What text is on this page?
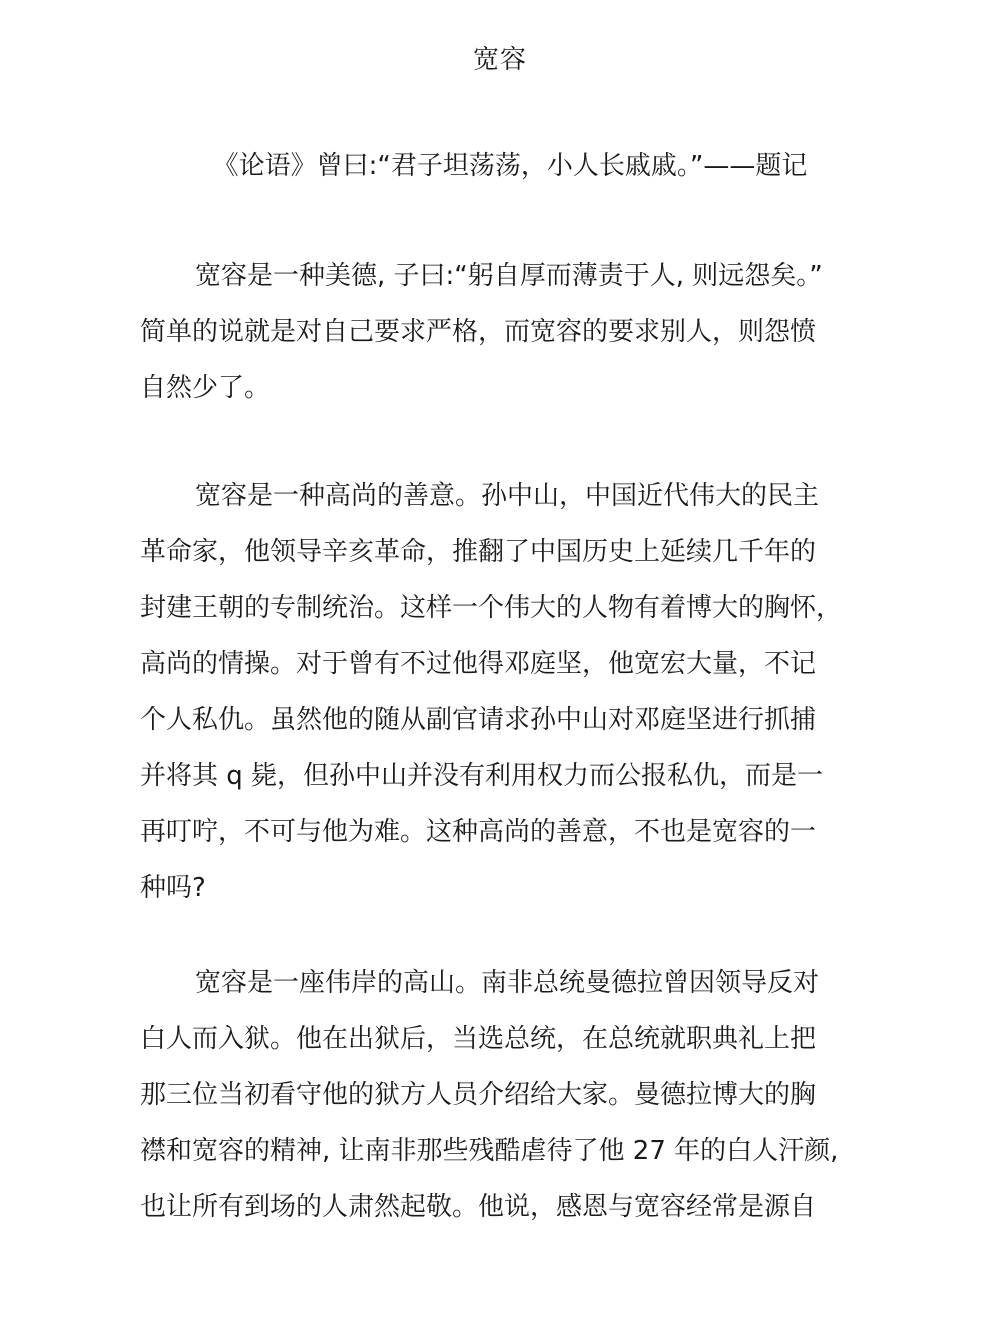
宽容
《论语》曾曰:“君子坦荡荡，小人长戚戚。”——题记
宽容是一种美德, 子曰:“躬自厚而薄责于人, 则远怨矣。”
简单的说就是对自己要求严格，而宽容的要求别人，则怨愤
自然少了。
宽容是一种高尚的善意。孙中山，中国近代伟大的民主
革命家，他领导辛亥革命，推翻了中国历史上延续几千年的
封建王朝的专制统治。这样一个伟大的人物有着博大的胸怀，
高尚的情操。对于曾有不过他得邓庭坚，他宽宏大量，不记
个人私仇。虽然他的随从副官请求孙中山对邓庭坚进行抓捕
并将其 q 毙，但孙中山并没有利用权力而公报私仇，而是一
再叮咛，不可与他为难。这种高尚的善意，不也是宽容的一
种吗?
宽容是一座伟岸的高山。南非总统曼德拉曾因领导反对
白人而入狱。他在出狱后，当选总统，在总统就职典礼上把
那三位当初看守他的狱方人员介绍给大家。曼德拉博大的胸
襟和宽容的精神, 让南非那些残酷虐待了他 27 年的白人汗颜,
也让所有到场的人肃然起敬。他说，感恩与宽容经常是源自
